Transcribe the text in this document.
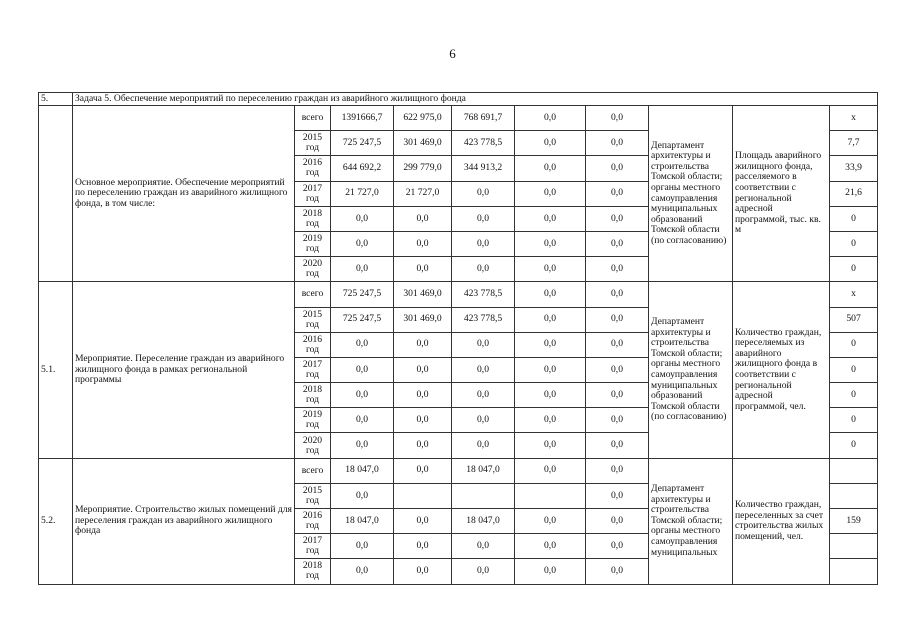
6
5.	Задача 5. Обеспечение мероприятий по переселению граждан из аварийного жилищного фонда									
	Основное мероприятие. Обеспечение мероприятий по переселению граждан из аварийного жилищного фонда, в том числе:	всего	1391666,7	622 975,0	768 691,7	0,0	0,0	Департамент архитектуры и строительства Томской области; органы местного самоуправления муниципальных образований Томской области (по согласованию)	Площадь аварийного жилищного фонда, расселяемого в соответствии с региональной адресной программой, тыс. кв. м	х
		2015 год	725 247,5	301 469,0	423 778,5	0,0	0,0			7,7
		2016 год	644 692,2	299 779,0	344 913,2	0,0	0,0			33,9
		2017 год	21 727,0	21 727,0	0,0	0,0	0,0			21,6
		2018 год	0,0	0,0	0,0	0,0	0,0			0
		2019 год	0,0	0,0	0,0	0,0	0,0			0
		2020 год	0,0	0,0	0,0	0,0	0,0			0
5.1.	Мероприятие. Переселение граждан из аварийного жилищного фонда в рамках региональной программы	всего	725 247,5	301 469,0	423 778,5	0,0	0,0	Департамент архитектуры и строительства Томской области; органы местного самоуправления муниципальных образований Томской области (по согласованию)	Количество граждан, переселяемых из аварийного жилищного фонда в соответствии с региональной адресной программой, чел.	х
		2015 год	725 247,5	301 469,0	423 778,5	0,0	0,0			507
		2016 год	0,0	0,0	0,0	0,0	0,0			0
		2017 год	0,0	0,0	0,0	0,0	0,0			0
		2018 год	0,0	0,0	0,0	0,0	0,0			0
		2019 год	0,0	0,0	0,0	0,0	0,0			0
		2020 год	0,0	0,0	0,0	0,0	0,0			0
5.2.	Мероприятие. Строительство жилых помещений для переселения граждан из аварийного жилищного фонда	всего	18 047,0	0,0	18 047,0	0,0	0,0	Департамент архитектуры и строительства Томской области; органы местного самоуправления муниципальных	Количество граждан, переселенных за счет строительства жилых помещений, чел.	
		2015 год	0,0				0,0			
		2016 год	18 047,0	0,0	18 047,0	0,0	0,0			159
		2017 год	0,0	0,0	0,0	0,0	0,0			
		2018 год	0,0	0,0	0,0	0,0	0,0			
